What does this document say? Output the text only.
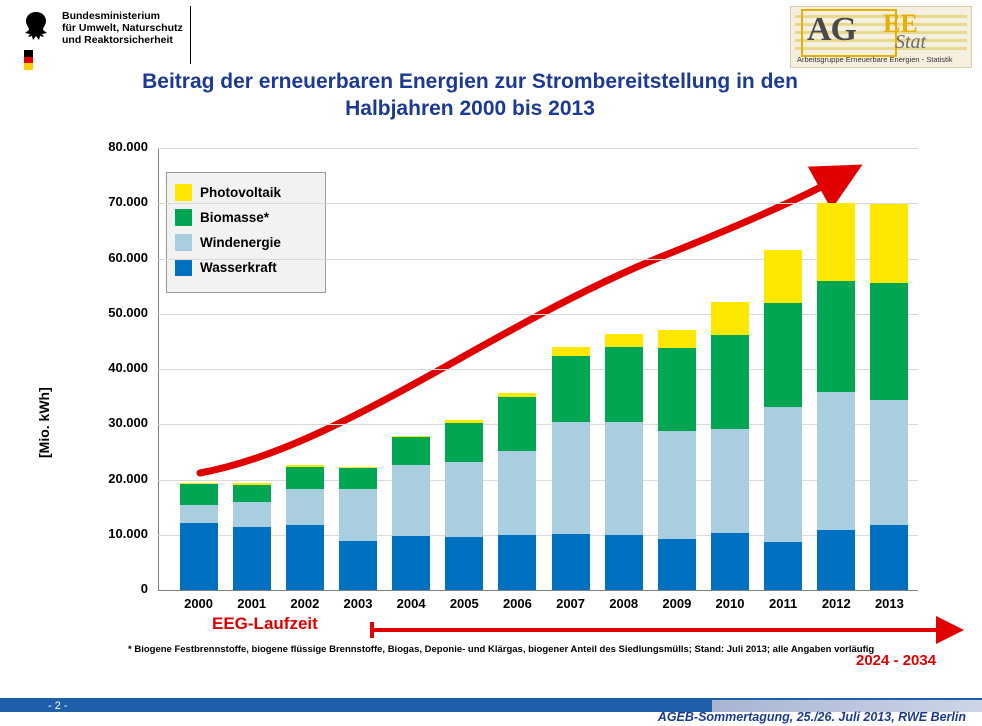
Bundesministerium
für Umwelt, Naturschutz
und Reaktorsicherheit	AG EE
Stat
Arbeitsgruppe Erneuerbare Energien - Statistik
Beitrag der erneuerbaren Energien zur Strombereitstellung in den Halbjahren 2000 bis 2013
[Mio. kWh]
Photovoltaik
Biomasse*
Windenergie
Wasserkraft
0
10.000
20.000
30.000
40.000
50.000
60.000
70.000
80.000
2000	2001	2002	2003	2004	2005	2006	2007	2008	2009	2010	2011	2012	2013
EEG-Laufzeit
* Biogene Festbrennstoffe, biogene flüssige Brennstoffe, Biogas, Deponie- und Klärgas, biogener Anteil des Siedlungsmülls; Stand: Juli 2013; alle Angaben vorläufig
2024 - 2034
- 2 -
AGEB-Sommertagung, 25./26. Juli 2013, RWE Berlin
